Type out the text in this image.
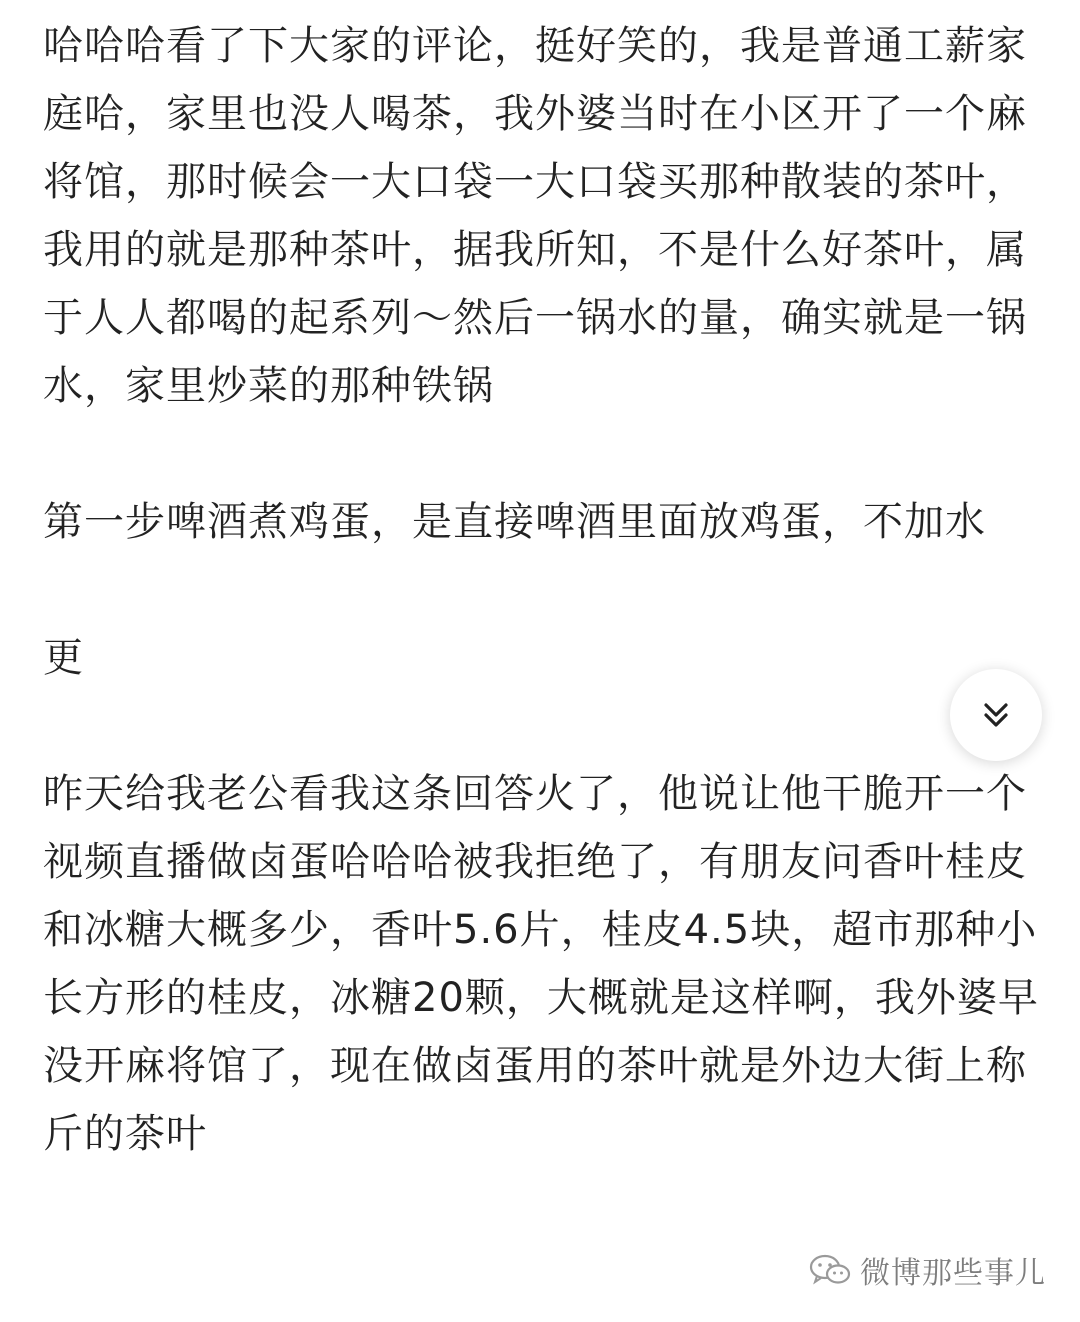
哈哈哈看了下大家的评论，挺好笑的，我是普通工薪家庭哈，家里也没人喝茶，我外婆当时在小区开了一个麻将馆，那时候会一大口袋一大口袋买那种散装的茶叶，我用的就是那种茶叶，据我所知，不是什么好茶叶，属于人人都喝的起系列～然后一锅水的量，确实就是一锅水，家里炒菜的那种铁锅

第一步啤酒煮鸡蛋，是直接啤酒里面放鸡蛋，不加水

更

昨天给我老公看我这条回答火了，他说让他干脆开一个视频直播做卤蛋哈哈哈被我拒绝了，有朋友问香叶桂皮和冰糖大概多少，香叶5.6片，桂皮4.5块，超市那种小长方形的桂皮，冰糖20颗，大概就是这样啊，我外婆早没开麻将馆了，现在做卤蛋用的茶叶就是外边大街上称斤的茶叶

微博那些事儿
